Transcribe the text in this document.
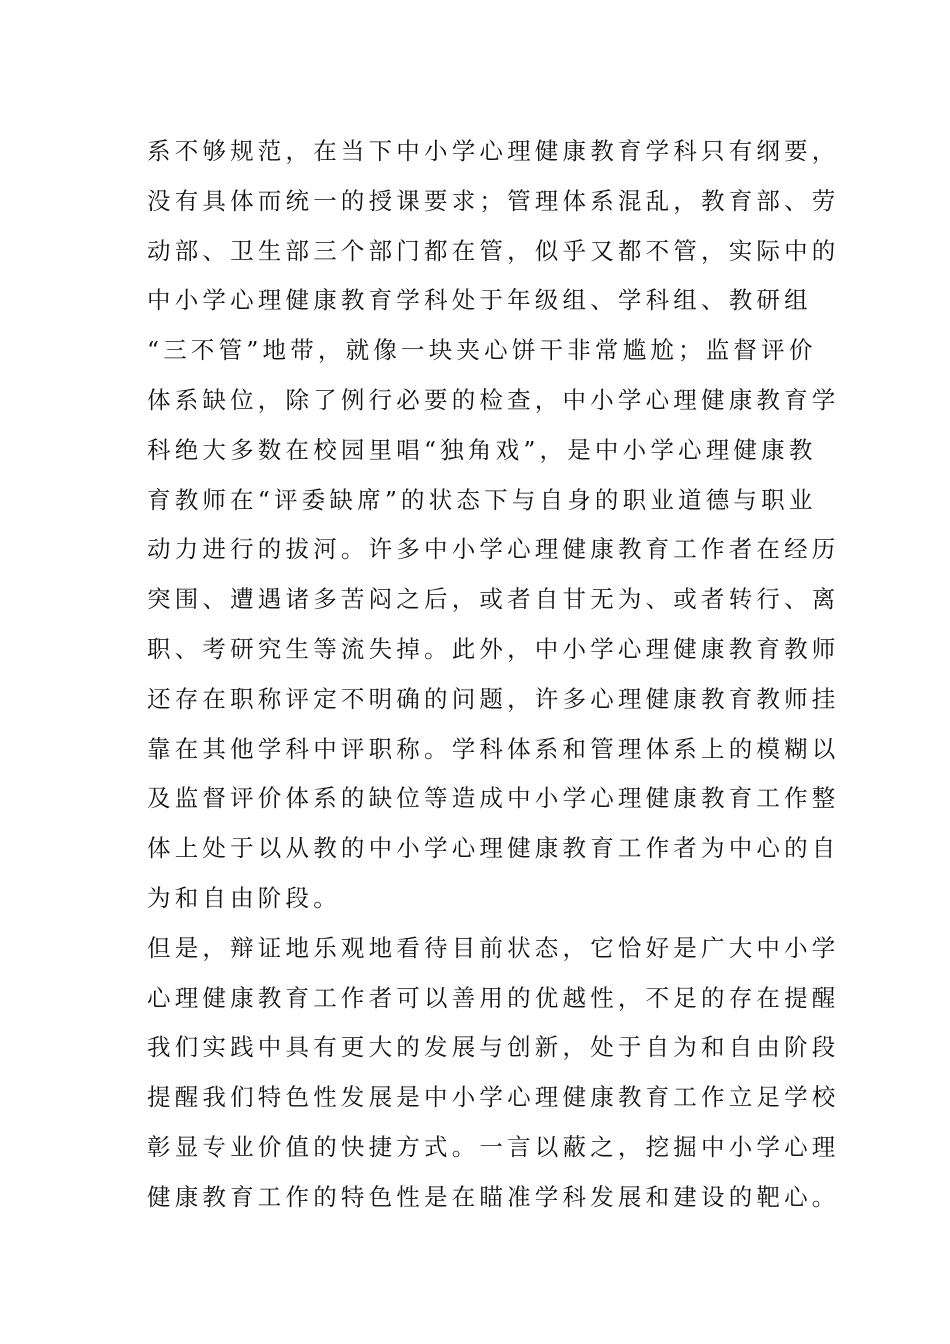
系不够规范，在当下中小学心理健康教育学科只有纲要，
没有具体而统一的授课要求；管理体系混乱，教育部、劳
动部、卫生部三个部门都在管，似乎又都不管，实际中的
中小学心理健康教育学科处于年级组、学科组、教研组
“三不管”地带，就像一块夹心饼干非常尴尬；监督评价
体系缺位，除了例行必要的检查，中小学心理健康教育学
科绝大多数在校园里唱“独角戏”，是中小学心理健康教
育教师在“评委缺席”的状态下与自身的职业道德与职业
动力进行的拔河。许多中小学心理健康教育工作者在经历
突围、遭遇诸多苦闷之后，或者自甘无为、或者转行、离
职、考研究生等流失掉。此外，中小学心理健康教育教师
还存在职称评定不明确的问题，许多心理健康教育教师挂
靠在其他学科中评职称。学科体系和管理体系上的模糊以
及监督评价体系的缺位等造成中小学心理健康教育工作整
体上处于以从教的中小学心理健康教育工作者为中心的自
为和自由阶段。
但是，辩证地乐观地看待目前状态，它恰好是广大中小学
心理健康教育工作者可以善用的优越性，不足的存在提醒
我们实践中具有更大的发展与创新，处于自为和自由阶段
提醒我们特色性发展是中小学心理健康教育工作立足学校
彰显专业价值的快捷方式。一言以蔽之，挖掘中小学心理
健康教育工作的特色性是在瞄准学科发展和建设的靶心。
